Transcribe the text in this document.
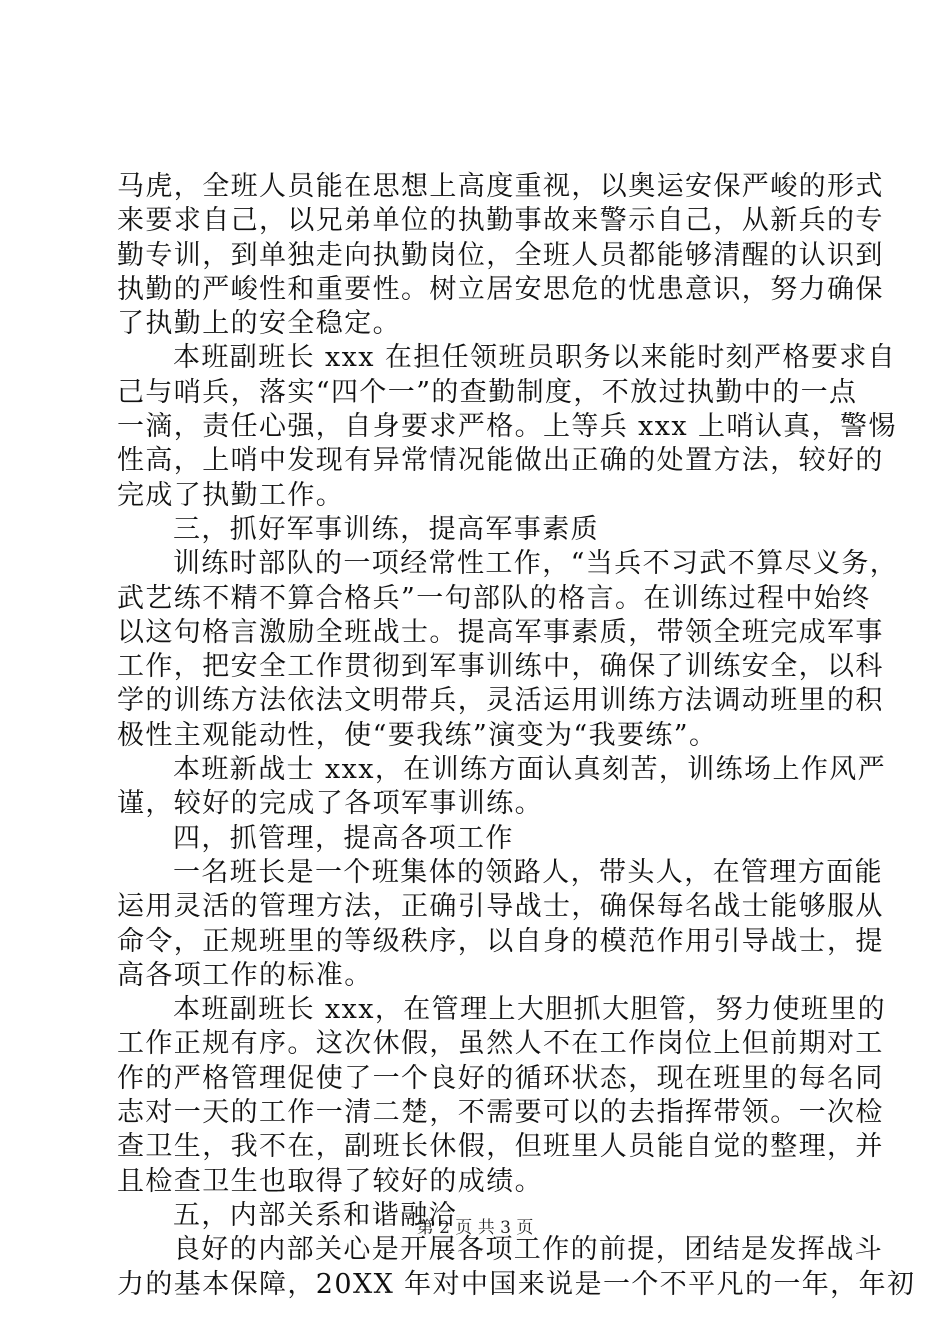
马虎，全班人员能在思想上高度重视，以奥运安保严峻的形式
来要求自己，以兄弟单位的执勤事故来警示自己，从新兵的专
勤专训，到单独走向执勤岗位，全班人员都能够清醒的认识到
执勤的严峻性和重要性。树立居安思危的忧患意识，努力确保
了执勤上的安全稳定。
本班副班长 xxx 在担任领班员职务以来能时刻严格要求自
己与哨兵，落实“四个一”的查勤制度，不放过执勤中的一点
一滴，责任心强，自身要求严格。上等兵 xxx 上哨认真，警惕
性高，上哨中发现有异常情况能做出正确的处置方法，较好的
完成了执勤工作。
三，抓好军事训练，提高军事素质
训练时部队的一项经常性工作，“当兵不习武不算尽义务，
武艺练不精不算合格兵”一句部队的格言。在训练过程中始终
以这句格言激励全班战士。提高军事素质，带领全班完成军事
工作，把安全工作贯彻到军事训练中，确保了训练安全，以科
学的训练方法依法文明带兵，灵活运用训练方法调动班里的积
极性主观能动性，使“要我练”演变为“我要练”。
本班新战士 xxx，在训练方面认真刻苦，训练场上作风严
谨，较好的完成了各项军事训练。
四，抓管理，提高各项工作
一名班长是一个班集体的领路人，带头人，在管理方面能
运用灵活的管理方法，正确引导战士，确保每名战士能够服从
命令，正规班里的等级秩序，以自身的模范作用引导战士，提
高各项工作的标准。
本班副班长 xxx，在管理上大胆抓大胆管，努力使班里的
工作正规有序。这次休假，虽然人不在工作岗位上但前期对工
作的严格管理促使了一个良好的循环状态，现在班里的每名同
志对一天的工作一清二楚，不需要可以的去指挥带领。一次检
查卫生，我不在，副班长休假，但班里人员能自觉的整理，并
且检查卫生也取得了较好的成绩。
五，内部关系和谐融洽
良好的内部关心是开展各项工作的前提，团结是发挥战斗
力的基本保障，20XX 年对中国来说是一个不平凡的一年，年初
第 2 页 共 3 页
